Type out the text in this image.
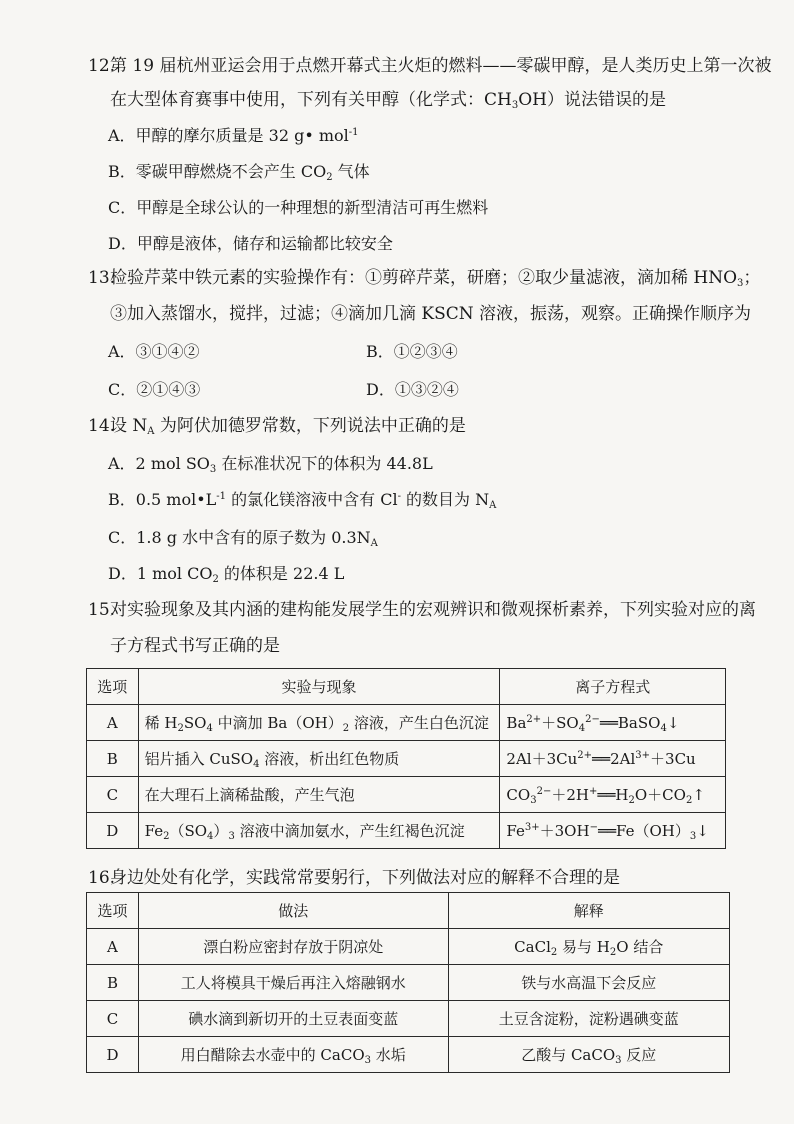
12.
第 19 届杭州亚运会用于点燃开幕式主火炬的燃料——零碳甲醇，是人类历史上第一次被
在大型体育赛事中使用，下列有关甲醇（化学式：$CH_3OH$）说法错误的是
A．甲醇的摩尔质量是 32 g• mol$^{-1}$
B．零碳甲醇燃烧不会产生 $CO_2$ 气体
C．甲醇是全球公认的一种理想的新型清洁可再生燃料
D．甲醇是液体，储存和运输都比较安全
13.
检验芹菜中铁元素的实验操作有：①剪碎芹菜，研磨；②取少量滤液，滴加稀 $HNO_3$；
③加入蒸馏水，搅拌，过滤；④滴加几滴 KSCN 溶液，振荡，观察。正确操作顺序为
A．③①④②	B．①②③④
C．②①④③	D．①③②④
14.
设 $N_A$ 为阿伏加德罗常数，下列说法中正确的是
A．2 mol $SO_3$ 在标准状况下的体积为 44.8L
B．0.5 $mol•L^{-1}$ 的氯化镁溶液中含有 Cl- 的数目为 $N_A$
C．1.8 g 水中含有的原子数为 $0.3N_A$
D．1 mol $CO_2$ 的体积是 22.4 L
15.
对实验现象及其内涵的建构能发展学生的宏观辨识和微观探析素养，下列实验对应的离
子方程式书写正确的是
选项	实验与现象	离子方程式
A	稀 $H_2SO_4$ 中滴加 $Ba(OH)_2$ 溶液，产生白色沉淀	$Ba^{2+}+SO_4^{2-}══BaSO_4↓$
B	铝片插入 CuSO$_4$ 溶液，析出红色物质	$2Al+3Cu^{2+}══2Al^{3+}+3Cu$
C	在大理石上滴稀盐酸，产生气泡	$CO_3^{2-}+2H^+══H_2O+CO_2↑$
D	$Fe_2(SO_4)_3$ 溶液中滴加氨水，产生红褐色沉淀	$Fe^{3+}+3OH^-══Fe(OH)_3↓$
16.
身边处处有化学，实践常常要躬行，下列做法对应的解释不合理的是
选项	做法	解释
A	漂白粉应密封存放于阴凉处	CaCl$_2$ 易与 $H_2O$ 结合
B	工人将模具干燥后再注入熔融钢水	铁与水高温下会反应
C	碘水滴到新切开的土豆表面变蓝	土豆含淀粉，淀粉遇碘变蓝
D	用白醋除去水壶中的 CaCO$_3$ 水垢	乙酸与 CaCO$_3$ 反应
